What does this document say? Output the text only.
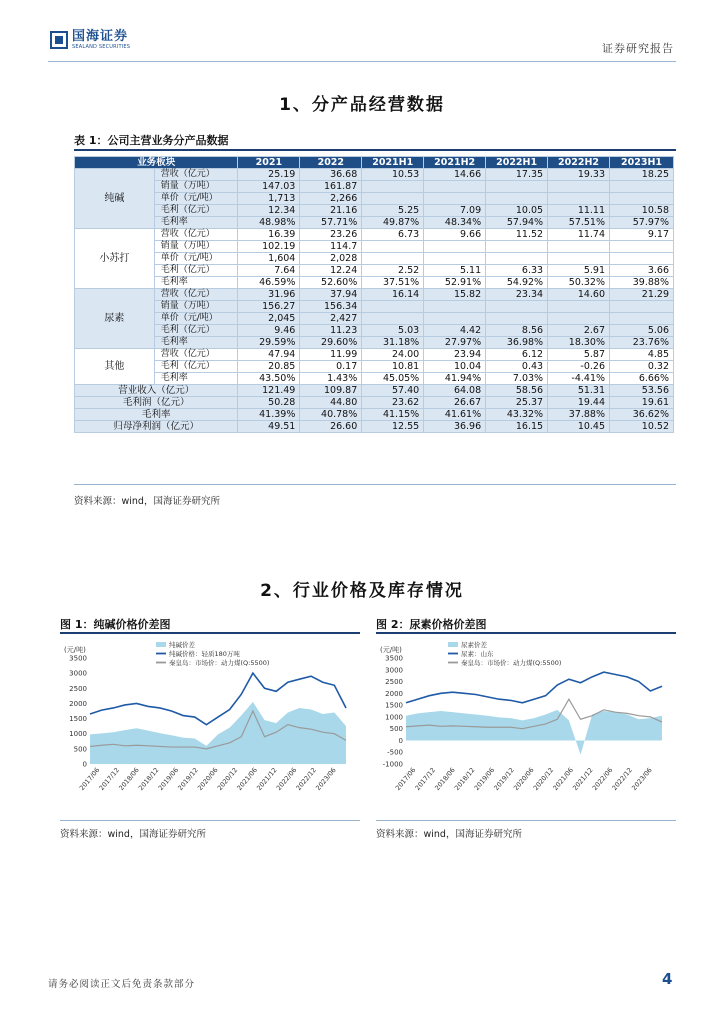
国海证券
SEALAND SECURITIES	证券研究报告
1、分产品经营数据
表 1：公司主营业务分产品数据
业务板块		2021	2022	2021H1	2021H2	2022H1	2022H2	2023H1
纯碱	营收（亿元）	25.19	36.68	10.53	14.66	17.35	19.33	18.25
	销量（万吨）	147.03	161.87					
	单价（元/吨）	1,713	2,266					
	毛利（亿元）	12.34	21.16	5.25	7.09	10.05	11.11	10.58
	毛利率	48.98%	57.71%	49.87%	48.34%	57.94%	57.51%	57.97%
小苏打	营收（亿元）	16.39	23.26	6.73	9.66	11.52	11.74	9.17
	销量（万吨）	102.19	114.7					
	单价（元/吨）	1,604	2,028					
	毛利（亿元）	7.64	12.24	2.52	5.11	6.33	5.91	3.66
	毛利率	46.59%	52.60%	37.51%	52.91%	54.92%	50.32%	39.88%
尿素	营收（亿元）	31.96	37.94	16.14	15.82	23.34	14.60	21.29
	销量（万吨）	156.27	156.34					
	单价（元/吨）	2,045	2,427					
	毛利（亿元）	9.46	11.23	5.03	4.42	8.56	2.67	5.06
	毛利率	29.59%	29.60%	31.18%	27.97%	36.98%	18.30%	23.76%
其他	营收（亿元）	47.94	11.99	24.00	23.94	6.12	5.87	4.85
	毛利（亿元）	20.85	0.17	10.81	10.04	0.43	-0.26	0.32
	毛利率	43.50%	1.43%	45.05%	41.94%	7.03%	-4.41%	6.66%
营业收入（亿元）		121.49	109.87	57.40	64.08	58.56	51.31	53.56
毛利润（亿元）		50.28	44.80	23.62	26.67	25.37	19.44	19.61
毛利率		41.39%	40.78%	41.15%	41.61%	43.32%	37.88%	36.62%
归母净利润（亿元）		49.51	26.60	12.55	36.96	16.15	10.45	10.52
资料来源：wind，国海证券研究所
2、行业价格及库存情况
图 1：纯碱价格价差图	图 2：尿素价格价差图
(元/吨)
3500
3000
2500
2000
1500
1000
500
0
2017/06
2017/12
2018/06
2018/12
2019/06
2019/12
2020/06
2020/12
2021/06
2021/12
2022/06
2022/12
2023/06
纯碱价差
纯碱价格：轻质180万吨
秦皇岛：市场价：动力煤(Q:5500)
(元/吨)
3500
3000
2500
2000
1500
1000
500
0
-500
-1000
2017/06
2017/12
2018/06
2018/12
2019/06
2019/12
2020/06
2020/12
2021/06
2021/12
2022/06
2022/12
2023/06
尿素价差
尿素：山东
秦皇岛：市场价：动力煤(Q:5500)
资料来源：wind，国海证券研究所	资料来源：wind，国海证券研究所
请务必阅读正文后免责条款部分	4
